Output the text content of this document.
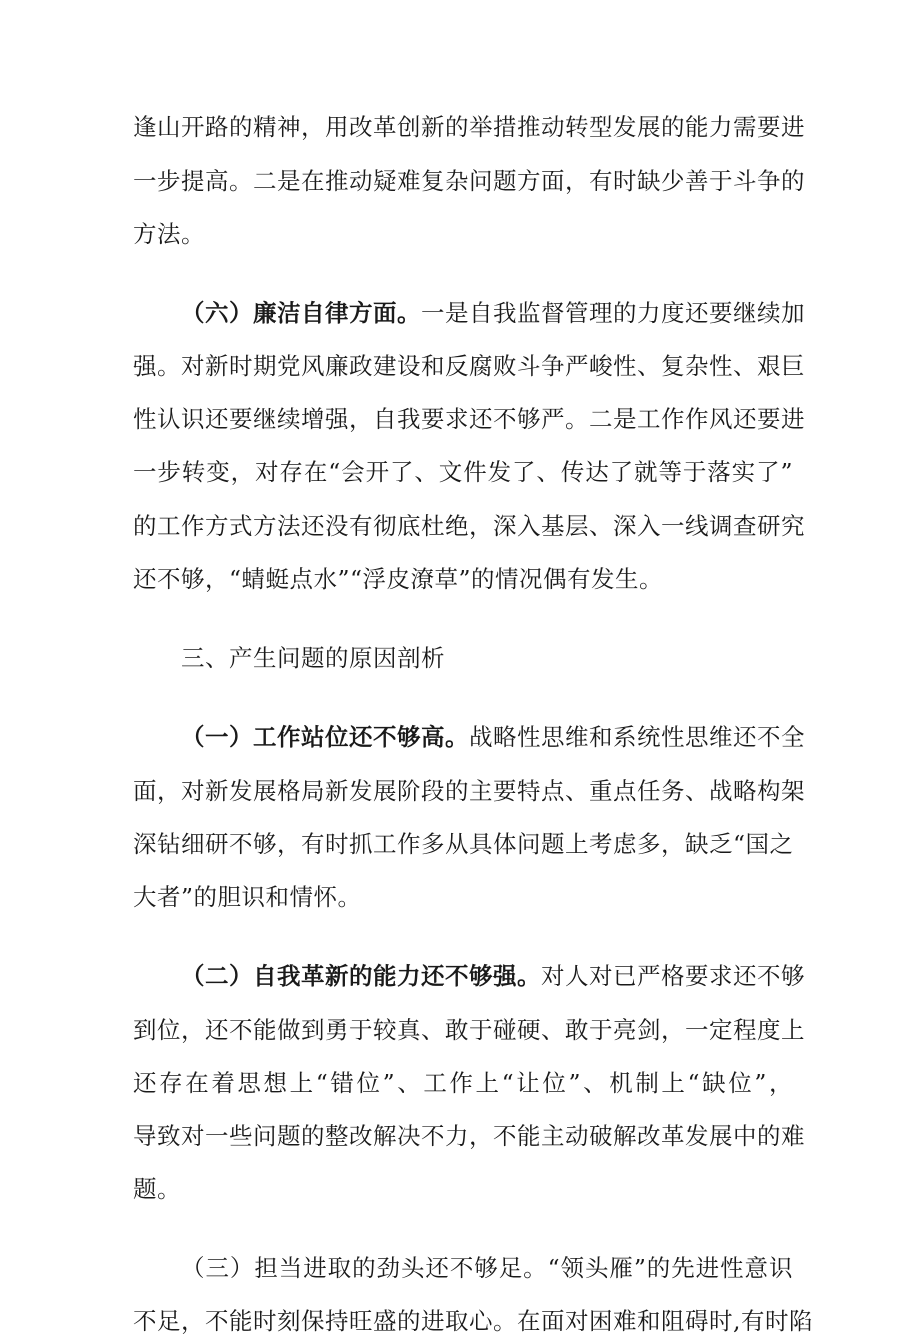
逢山开路的精神，用改革创新的举措推动转型发展的能力需要进
一步提高。二是在推动疑难复杂问题方面，有时缺少善于斗争的
方法。
（六）廉洁自律方面。一是自我监督管理的力度还要继续加
强。对新时期党风廉政建设和反腐败斗争严峻性、复杂性、艰巨
性认识还要继续增强，自我要求还不够严。二是工作作风还要进
一步转变，对存在“会开了、文件发了、传达了就等于落实了”
的工作方式方法还没有彻底杜绝，深入基层、深入一线调查研究
还不够，“蜻蜓点水”“浮皮潦草”的情况偶有发生。
三、产生问题的原因剖析
（一）工作站位还不够高。战略性思维和系统性思维还不全
面，对新发展格局新发展阶段的主要特点、重点任务、战略构架
深钻细研不够，有时抓工作多从具体问题上考虑多，缺乏“国之
大者”的胆识和情怀。
（二）自我革新的能力还不够强。对人对已严格要求还不够
到位，还不能做到勇于较真、敢于碰硬、敢于亮剑，一定程度上
还存在着思想上“错位”、工作上“让位”、机制上“缺位”，
导致对一些问题的整改解决不力，不能主动破解改革发展中的难
题。
（三）担当进取的劲头还不够足。“领头雁”的先进性意识
不足，不能时刻保持旺盛的进取心。在面对困难和阻碍时,有时陷
